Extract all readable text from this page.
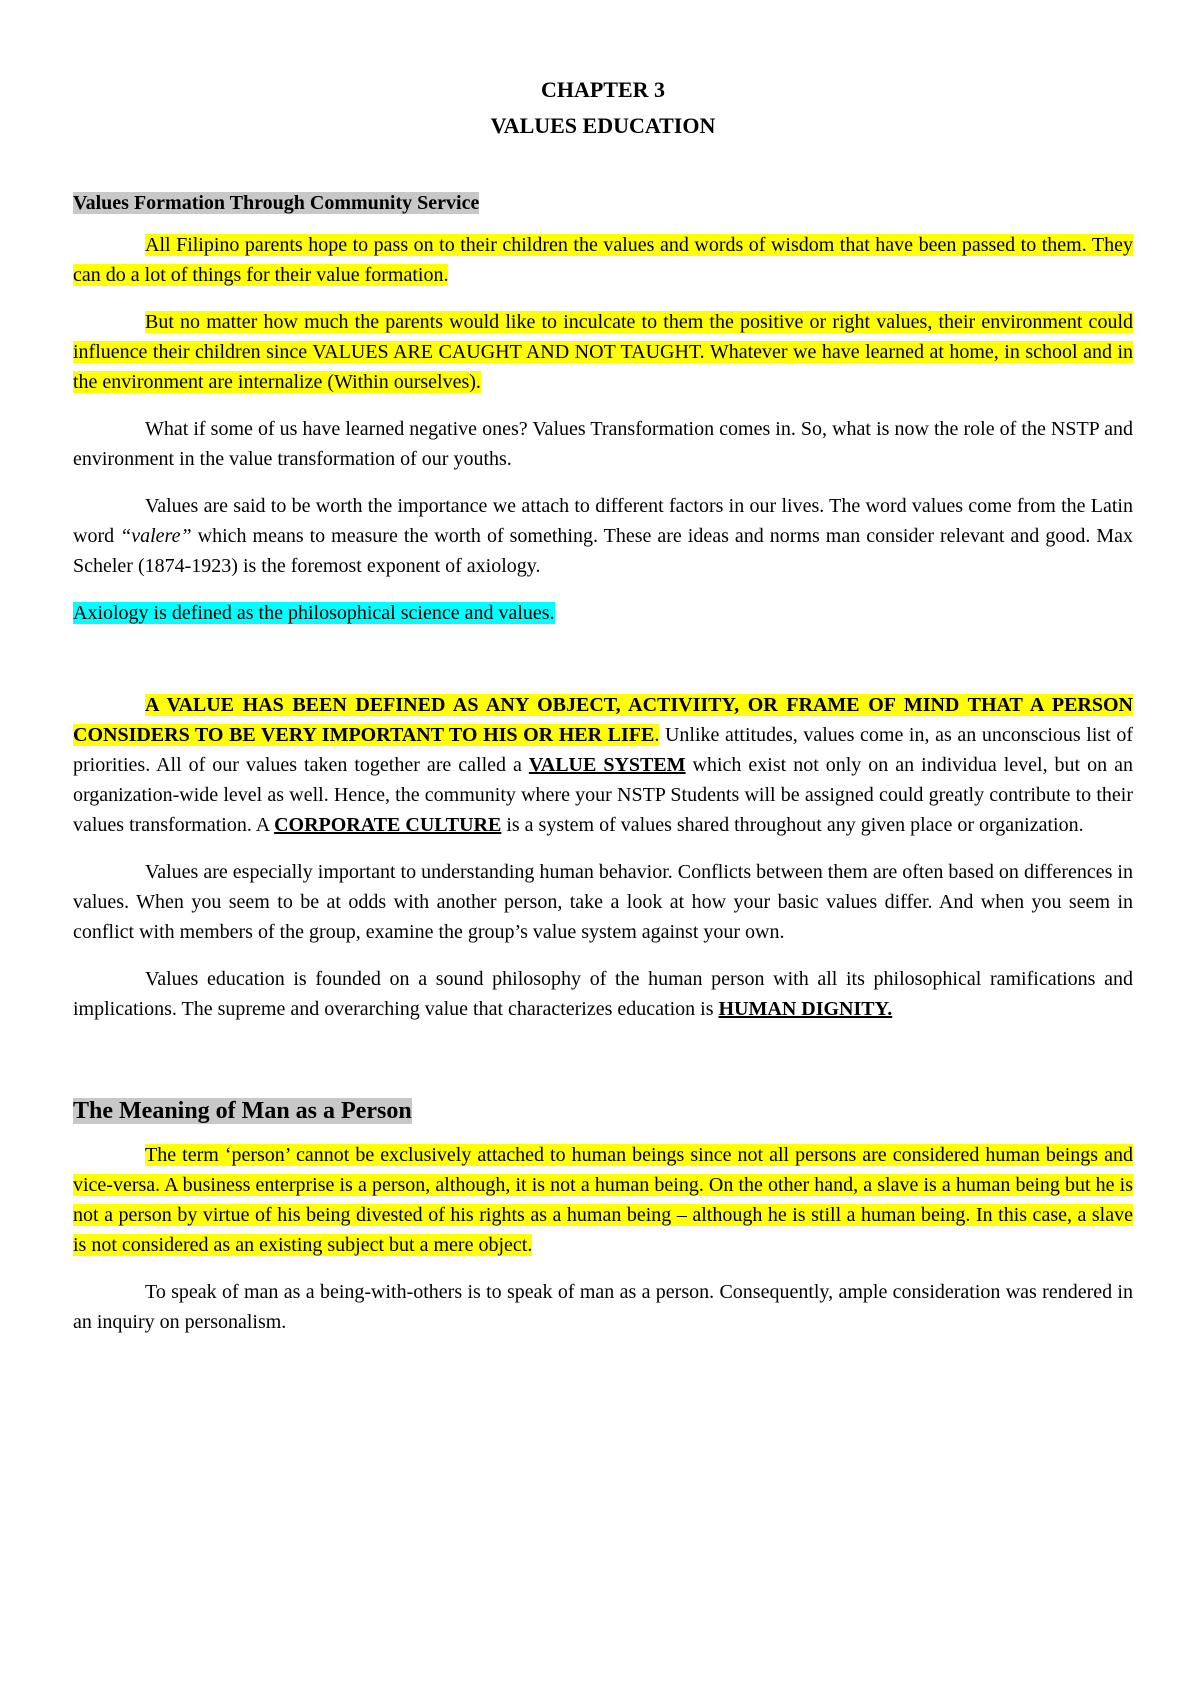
CHAPTER 3
VALUES EDUCATION
Values Formation Through Community Service

All Filipino parents hope to pass on to their children the values and words of wisdom that have been passed to them. They can do a lot of things for their value formation.

But no matter how much the parents would like to inculcate to them the positive or right values, their environment could influence their children since VALUES ARE CAUGHT AND NOT TAUGHT. Whatever we have learned at home, in school and in the environment are internalize (Within ourselves).

What if some of us have learned negative ones? Values Transformation comes in. So, what is now the role of the NSTP and environment in the value transformation of our youths.

Values are said to be worth the importance we attach to different factors in our lives. The word values come from the Latin word “valere” which means to measure the worth of something. These are ideas and norms man consider relevant and good. Max Scheler (1874-1923) is the foremost exponent of axiology.

Axiology is defined as the philosophical science and values.

A VALUE HAS BEEN DEFINED AS ANY OBJECT, ACTIVIITY, OR FRAME OF MIND THAT A PERSON CONSIDERS TO BE VERY IMPORTANT TO HIS OR HER LIFE. Unlike attitudes, values come in, as an unconscious list of priorities. All of our values taken together are called a VALUE SYSTEM which exist not only on an individua level, but on an organization-wide level as well. Hence, the community where your NSTP Students will be assigned could greatly contribute to their values transformation. A CORPORATE CULTURE is a system of values shared throughout any given place or organization.

Values are especially important to understanding human behavior. Conflicts between them are often based on differences in values. When you seem to be at odds with another person, take a look at how your basic values differ. And when you seem in conflict with members of the group, examine the group’s value system against your own.

Values education is founded on a sound philosophy of the human person with all its philosophical ramifications and implications. The supreme and overarching value that characterizes education is HUMAN DIGNITY.

The Meaning of Man as a Person

The term ‘person’ cannot be exclusively attached to human beings since not all persons are considered human beings and vice-versa. A business enterprise is a person, although, it is not a human being. On the other hand, a slave is a human being but he is not a person by virtue of his being divested of his rights as a human being – although he is still a human being. In this case, a slave is not considered as an existing subject but a mere object.

To speak of man as a being-with-others is to speak of man as a person. Consequently, ample consideration was rendered in an inquiry on personalism.
